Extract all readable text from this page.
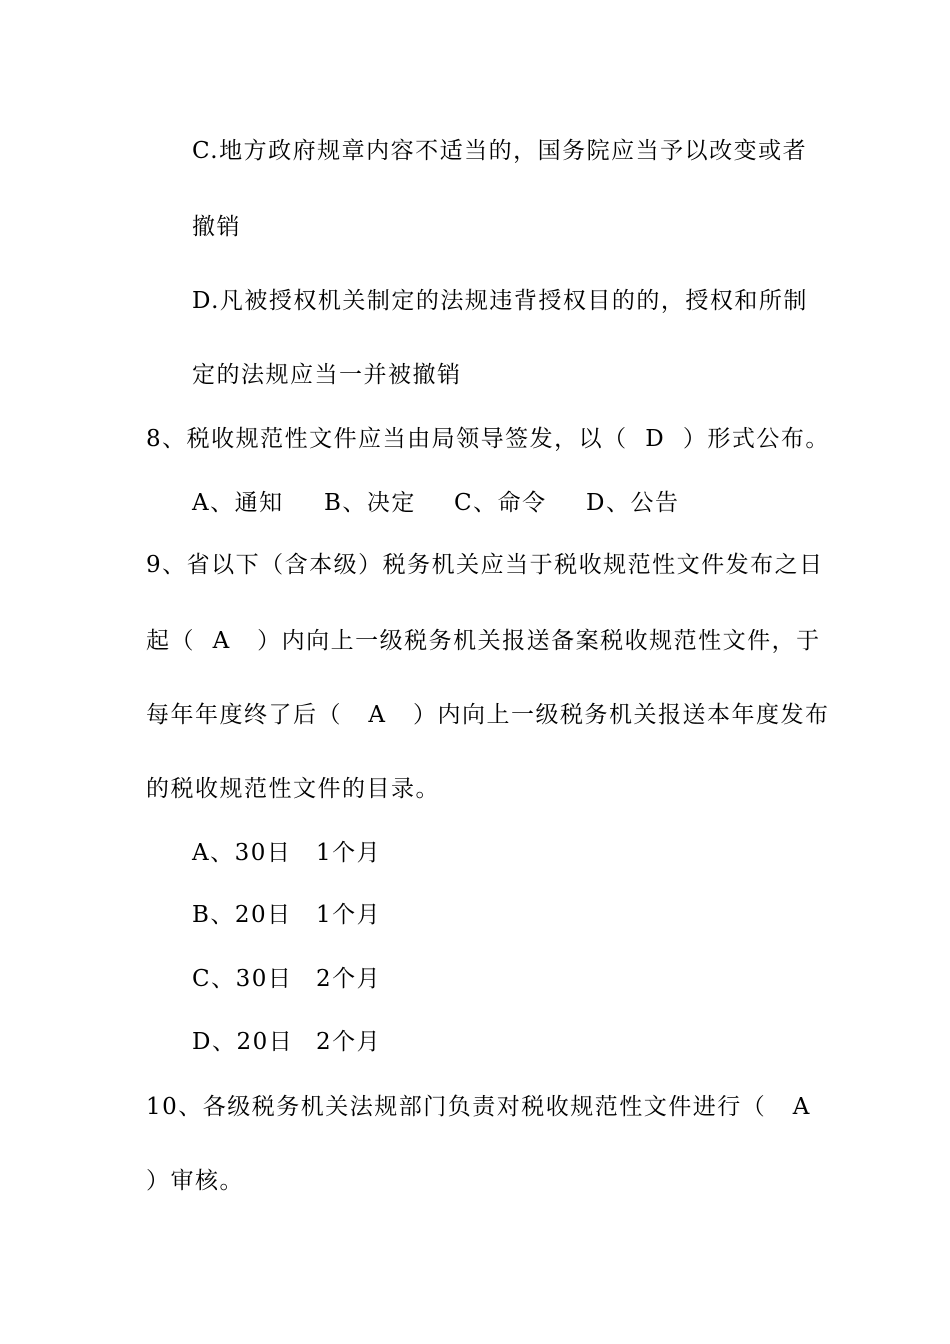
C.地方政府规章内容不适当的，国务院应当予以改变或者
撤销
D.凡被授权机关制定的法规违背授权目的的，授权和所制
定的法规应当一并被撤销
8、税收规范性文件应当由局领导签发，以（  D  ）形式公布。

A、通知

B、决定

C、命令

D、公告

9、省以下（含本级）税务机关应当于税收规范性文件发布之日
起（  A   ）内向上一级税务机关报送备案税收规范性文件，于
每年年度终了后（   A   ）内向上一级税务机关报送本年度发布
的税收规范性文件的目录。

A、30日

1个月

B、20日

1个月

C、30日

2个月

D、20日

2个月

10、各级税务机关法规部门负责对税收规范性文件进行（   A
）审核。
